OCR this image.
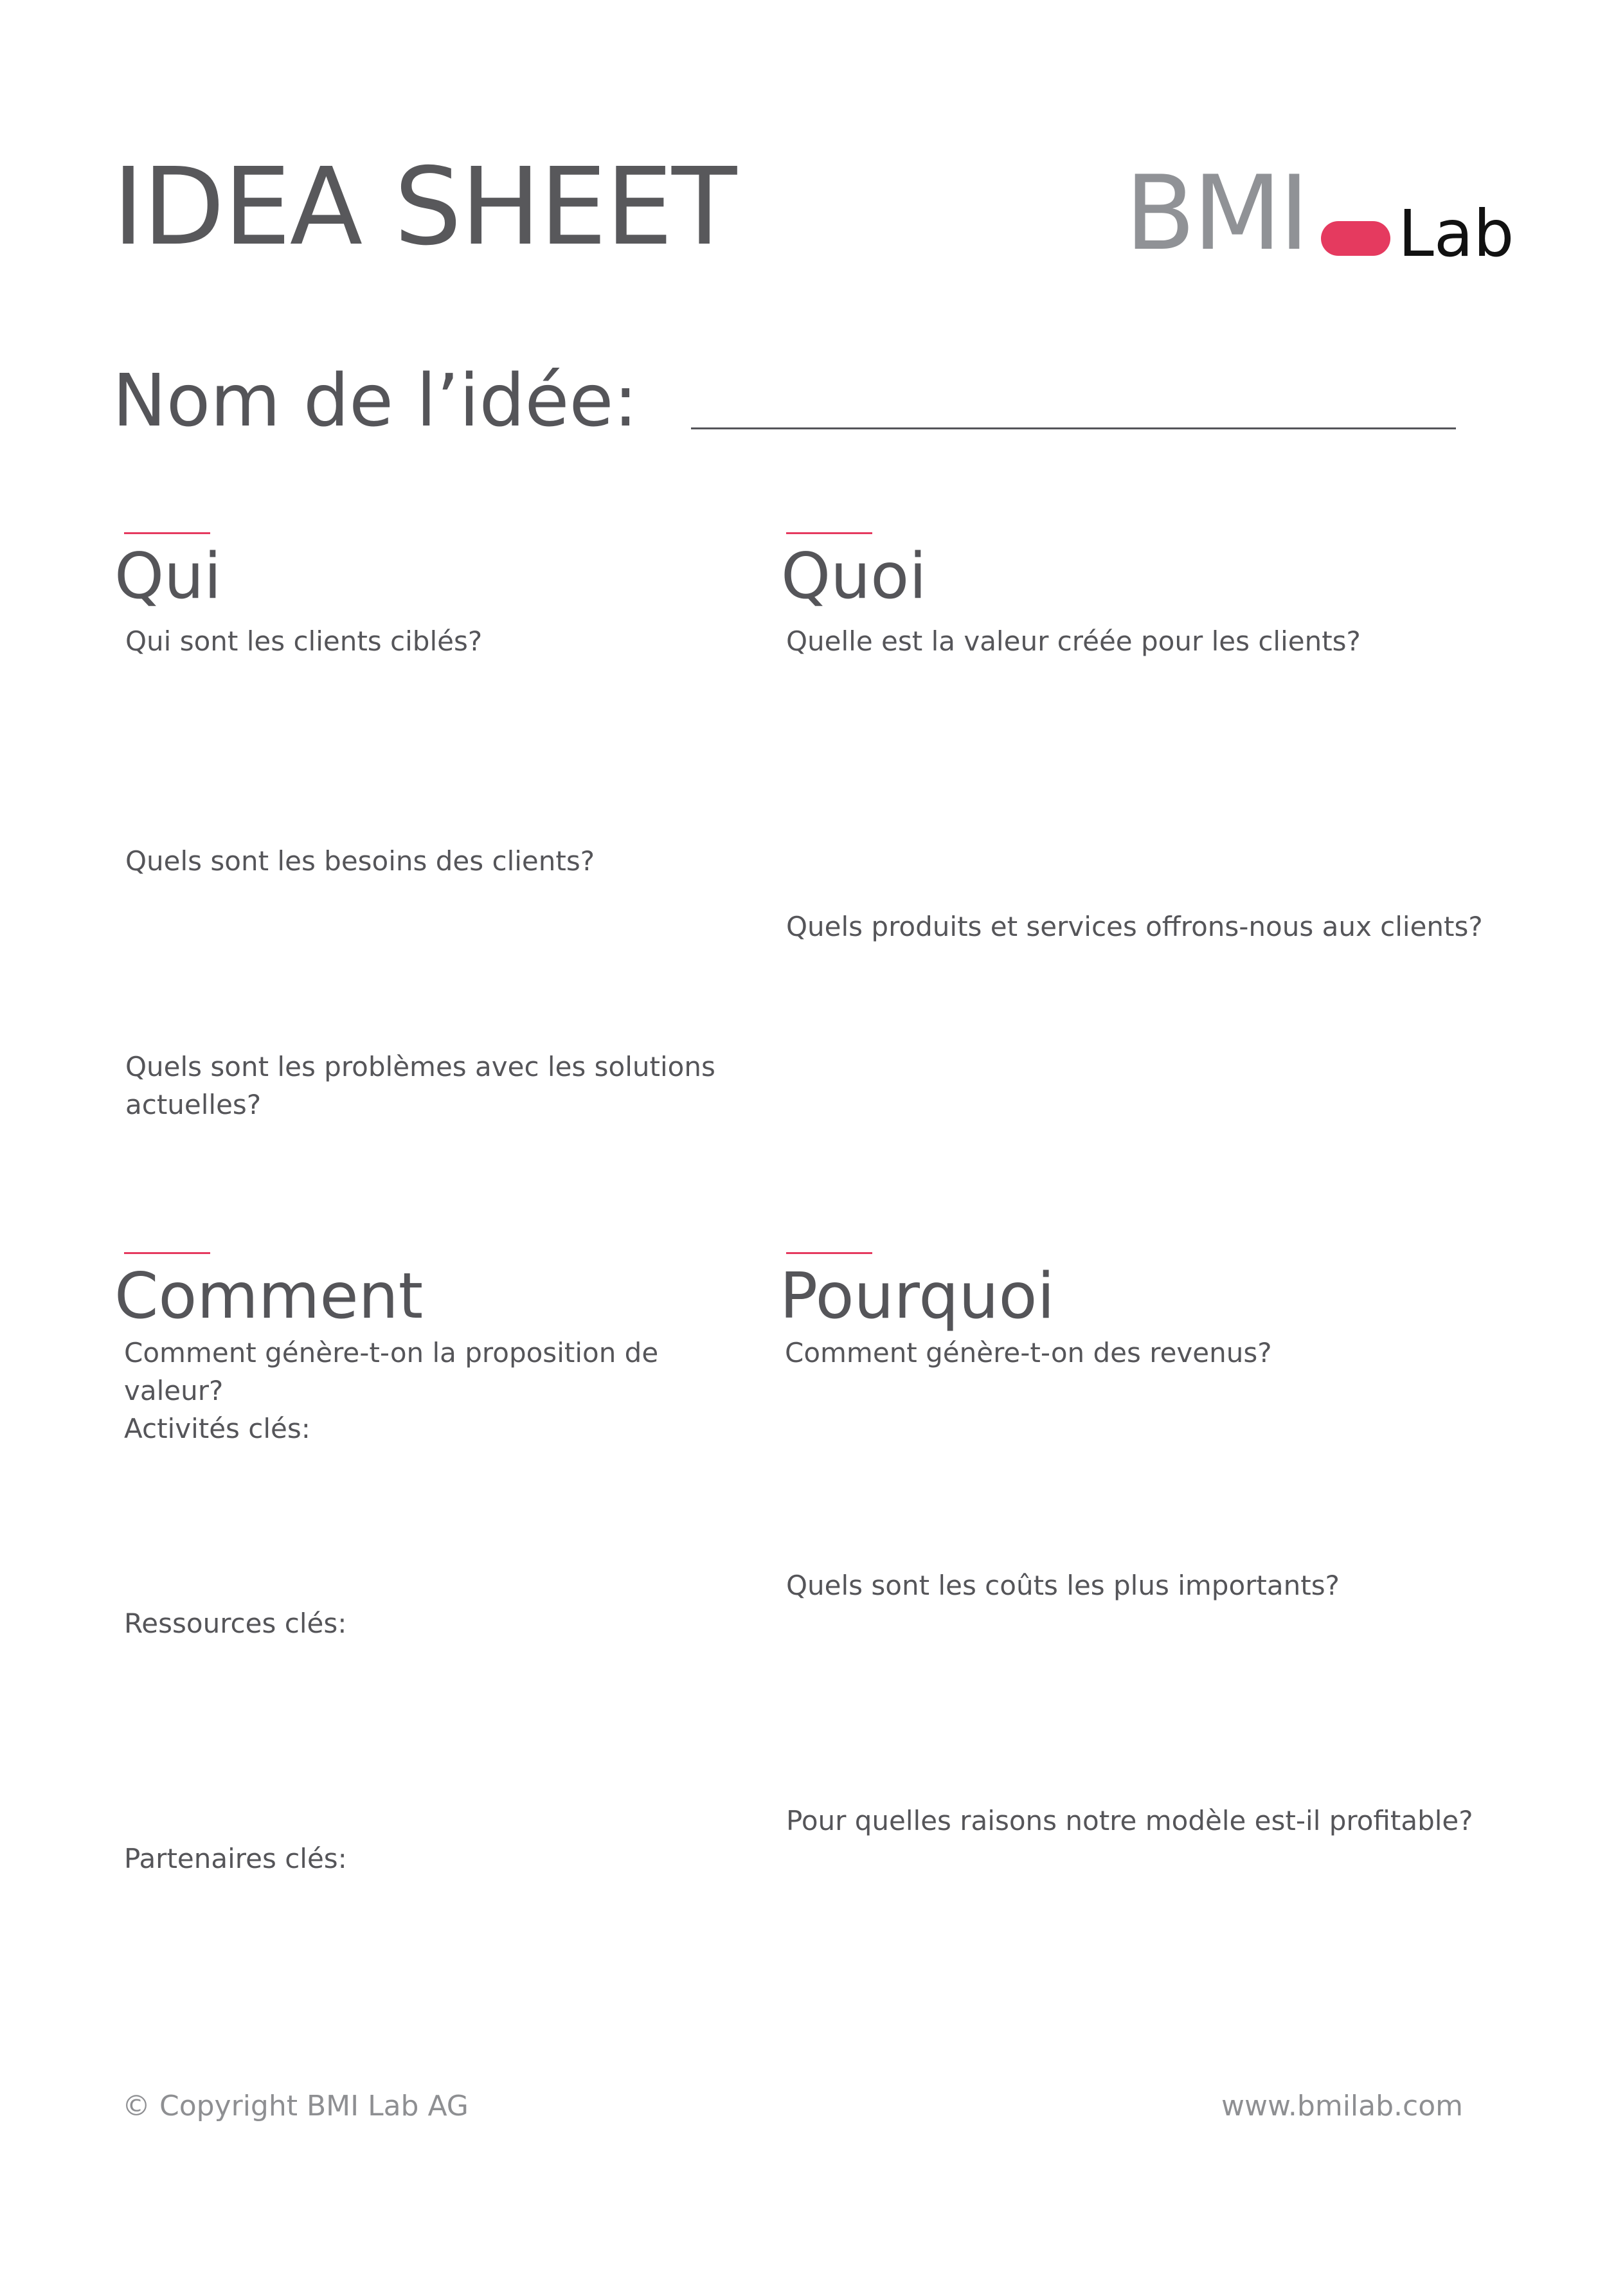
IDEA SHEET	BMI Lab
Nom de l’idée:
Qui

Qui sont les clients ciblés?

Quels sont les besoins des clients?

Quels sont les problèmes avec les solutions actuelles?

Quoi

Quelle est la valeur créée pour les clients?

Quels produits et services offrons-nous aux clients?

Comment

Comment génère-t-on la proposition de valeur?

Activités clés:

Ressources clés:

Partenaires clés:

Pourquoi

Comment génère-t-on des revenus?

Quels sont les coûts les plus importants?

Pour quelles raisons notre modèle est-il profitable?

© Copyright BMI Lab AG	www.bmilab.com
